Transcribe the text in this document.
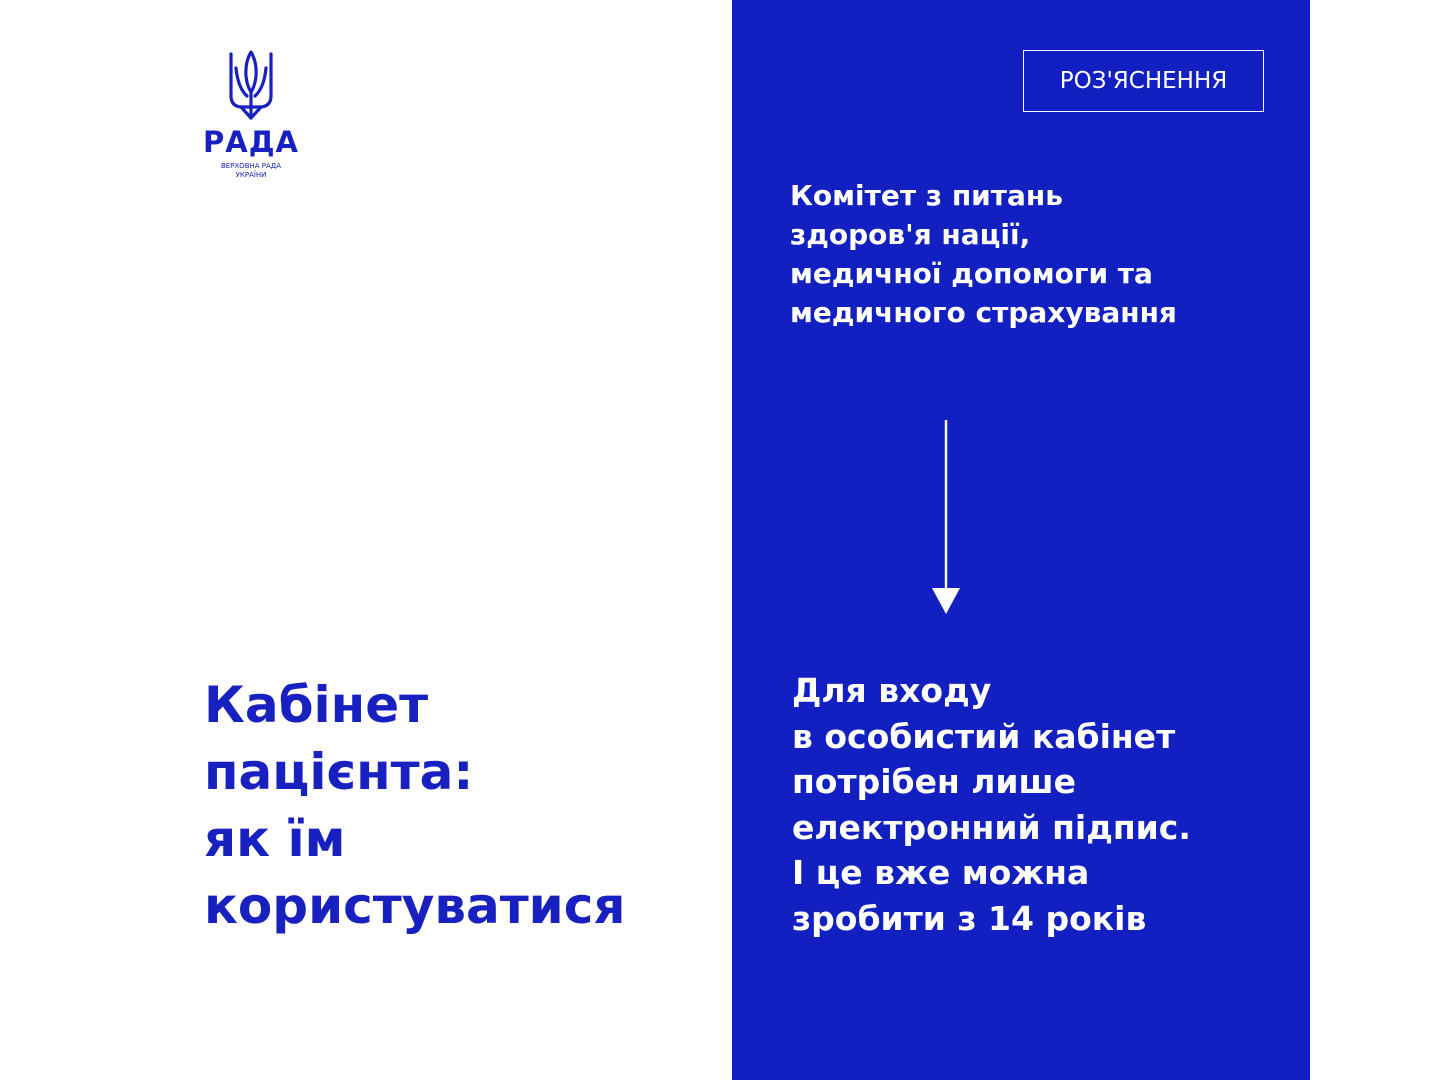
РАДА
ВЕРХОВНА РАДА
УКРАЇНИ
Кабінет
пацієнта:
як їм
користуватися
РОЗ'ЯСНЕННЯ

Комітет з питань
здоров'я нації,
медичної допомоги та
медичного страхування

Для входу
в особистий кабінет
потрібен лише
електронний підпис.
І це вже можна
зробити з 14 років
